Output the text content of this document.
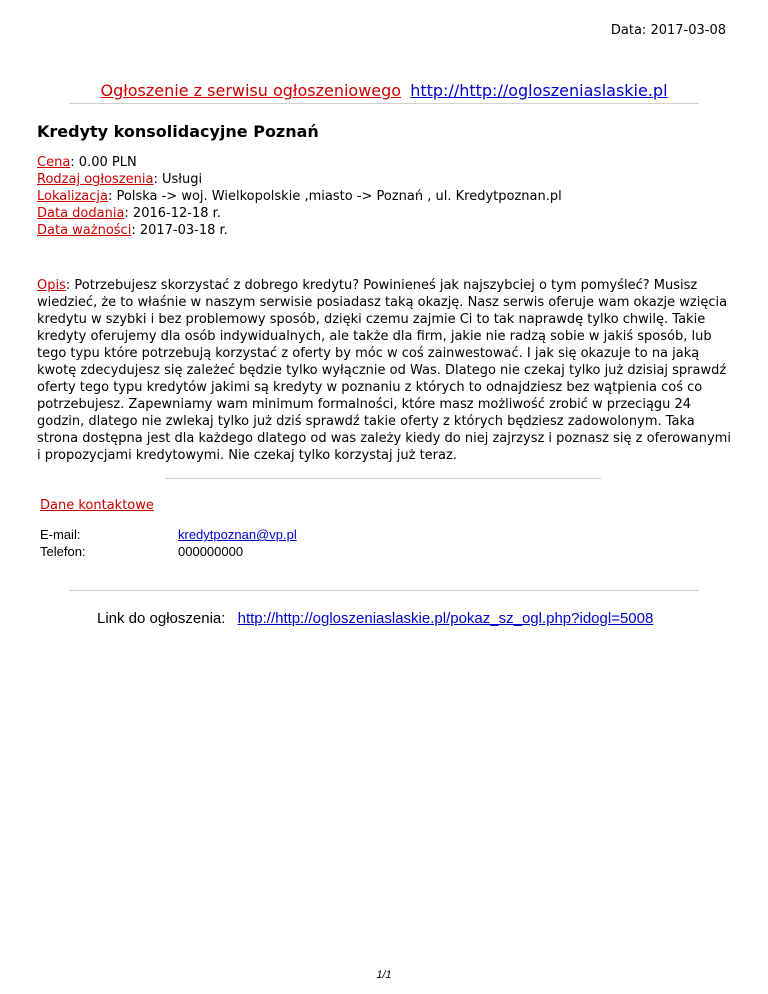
Data: 2017-03-08
Ogłoszenie z serwisu ogłoszeniowego http://http://ogloszeniaslaskie.pl
Kredyty konsolidacyjne Poznań
Cena: 0.00 PLN
Rodzaj ogłoszenia: Usługi
Lokalizacja: Polska -> woj. Wielkopolskie ,miasto -> Poznań , ul. Kredytpoznan.pl
Data dodania: 2016-12-18 r.
Data ważności: 2017-03-18 r.
Opis: Potrzebujesz skorzystać z dobrego kredytu? Powinieneś jak najszybciej o tym pomyśleć? Musisz wiedzieć, że to właśnie w naszym serwisie posiadasz taką okazję. Nasz serwis oferuje wam okazje wzięcia kredytu w szybki i bez problemowy sposób, dzięki czemu zajmie Ci to tak naprawdę tylko chwilę. Takie kredyty oferujemy dla osób indywidualnych, ale także dla firm, jakie nie radzą sobie w jakiś sposób, lub tego typu które potrzebują korzystać z oferty by móc w coś zainwestować. I jak się okazuje to na jaką kwotę zdecydujesz się zależeć będzie tylko wyłącznie od Was. Dlatego nie czekaj tylko już dzisiaj sprawdź oferty tego typu kredytów jakimi są kredyty w poznaniu z których to odnajdziesz bez wątpienia coś co potrzebujesz. Zapewniamy wam minimum formalności, które masz możliwość zrobić w przeciągu 24 godzin, dlatego nie zwlekaj tylko już dziś sprawdź takie oferty z których będziesz zadowolonym. Taka strona dostępna jest dla każdego dlatego od was zależy kiedy do niej zajrzysz i poznasz się z oferowanymi i propozycjami kredytowymi. Nie czekaj tylko korzystaj już teraz.
Dane kontaktowe
E-mail:	kredytpoznan@vp.pl
Telefon:	000000000
Link do ogłoszenia: http://http://ogloszeniaslaskie.pl/pokaz_sz_ogl.php?idogl=5008
1/1
